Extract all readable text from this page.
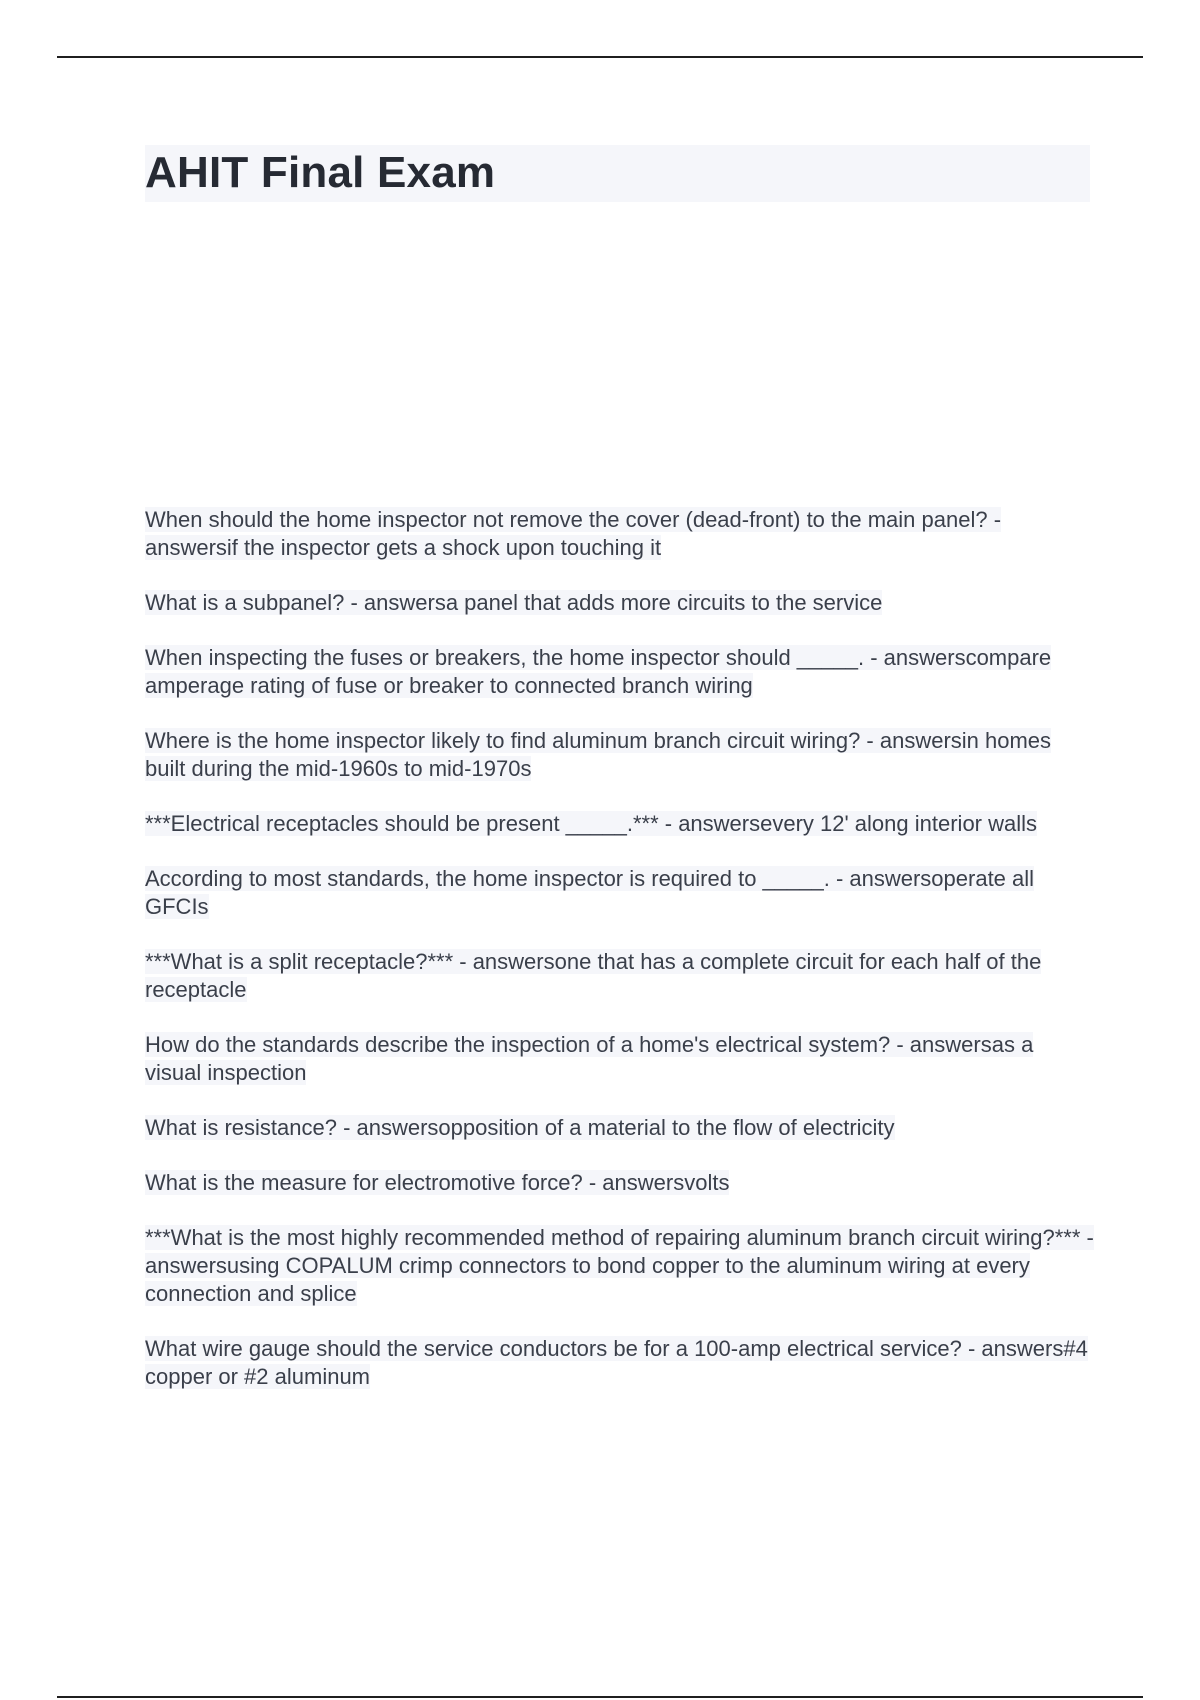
AHIT Final Exam
When should the home inspector not remove the cover (dead-front) to the main panel? - answersif the inspector gets a shock upon touching it
What is a subpanel? - answersa panel that adds more circuits to the service
When inspecting the fuses or breakers, the home inspector should _____. - answerscompare amperage rating of fuse or breaker to connected branch wiring
Where is the home inspector likely to find aluminum branch circuit wiring? - answersin homes built during the mid-1960s to mid-1970s
***Electrical receptacles should be present _____.*** - answersevery 12' along interior walls
According to most standards, the home inspector is required to _____. - answersoperate all GFCIs
***What is a split receptacle?*** - answersone that has a complete circuit for each half of the receptacle
How do the standards describe the inspection of a home's electrical system? - answersas a visual inspection
What is resistance? - answersopposition of a material to the flow of electricity
What is the measure for electromotive force? - answersvolts
***What is the most highly recommended method of repairing aluminum branch circuit wiring?*** - answersusing COPALUM crimp connectors to bond copper to the aluminum wiring at every connection and splice
What wire gauge should the service conductors be for a 100-amp electrical service? - answers#4 copper or #2 aluminum
